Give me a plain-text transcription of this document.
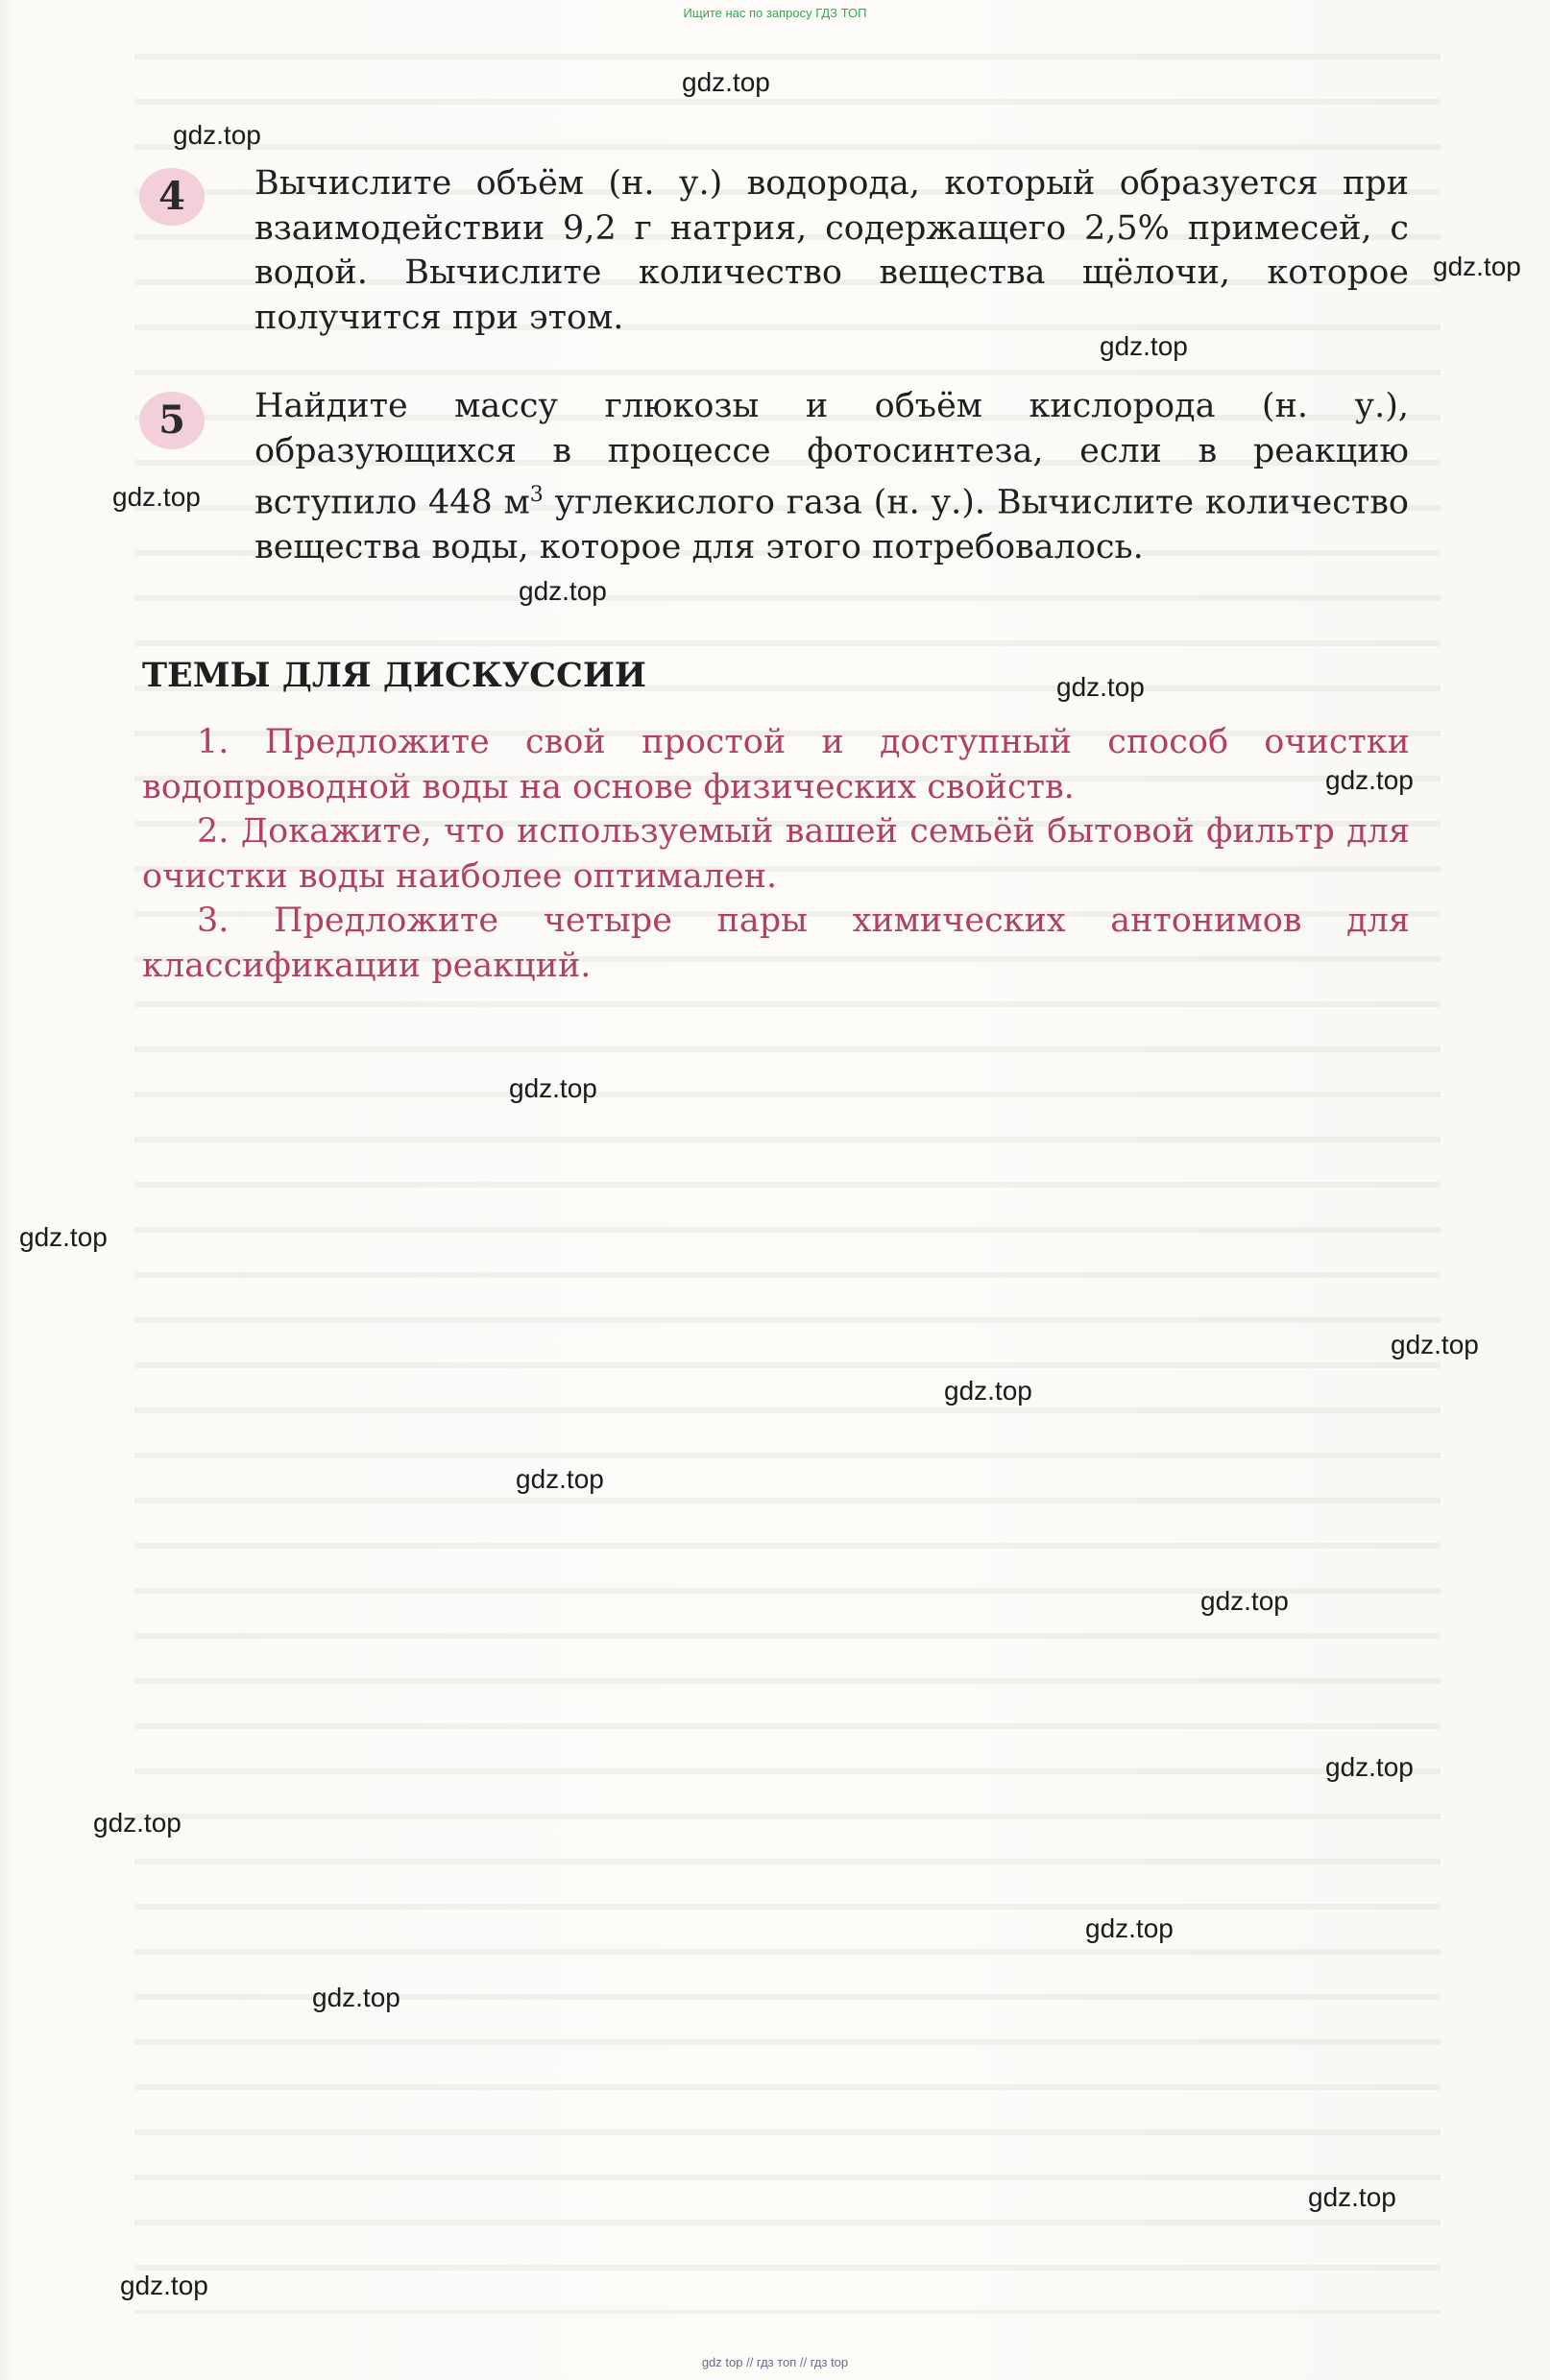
Ищите нас по запросу ГДЗ ТОП
4	Вычислите объём (н. у.) водорода, который образуется при взаимодействии 9,2 г натрия, содержащего 2,5% примесей, с водой. Вычислите количество вещества щёлочи, которое получится при этом.

5	Найдите массу глюкозы и объём кислорода (н. у.), образующихся в процессе фотосинтеза, если в реакцию вступило 448 $м^3$ углекислого газа (н. у.). Вычислите количество вещества воды, которое для этого потребовалось.

ТЕМЫ ДЛЯ ДИСКУССИИ

1. Предложите свой простой и доступный способ очистки водопроводной воды на основе физических свойств.

2. Докажите, что используемый вашей семьёй бытовой фильтр для очистки воды наиболее оптимален.

3. Предложите четыре пары химических антонимов для классификации реакций.

gdz.top
gdz.top
gdz.top
gdz.top
gdz.top
gdz.top
gdz.top
gdz.top
gdz.top
gdz.top
gdz.top
gdz.top
gdz.top
gdz.top
gdz.top
gdz.top
gdz.top
gdz.top
gdz.top
gdz.top
gdz top // гдз топ // гдз top
